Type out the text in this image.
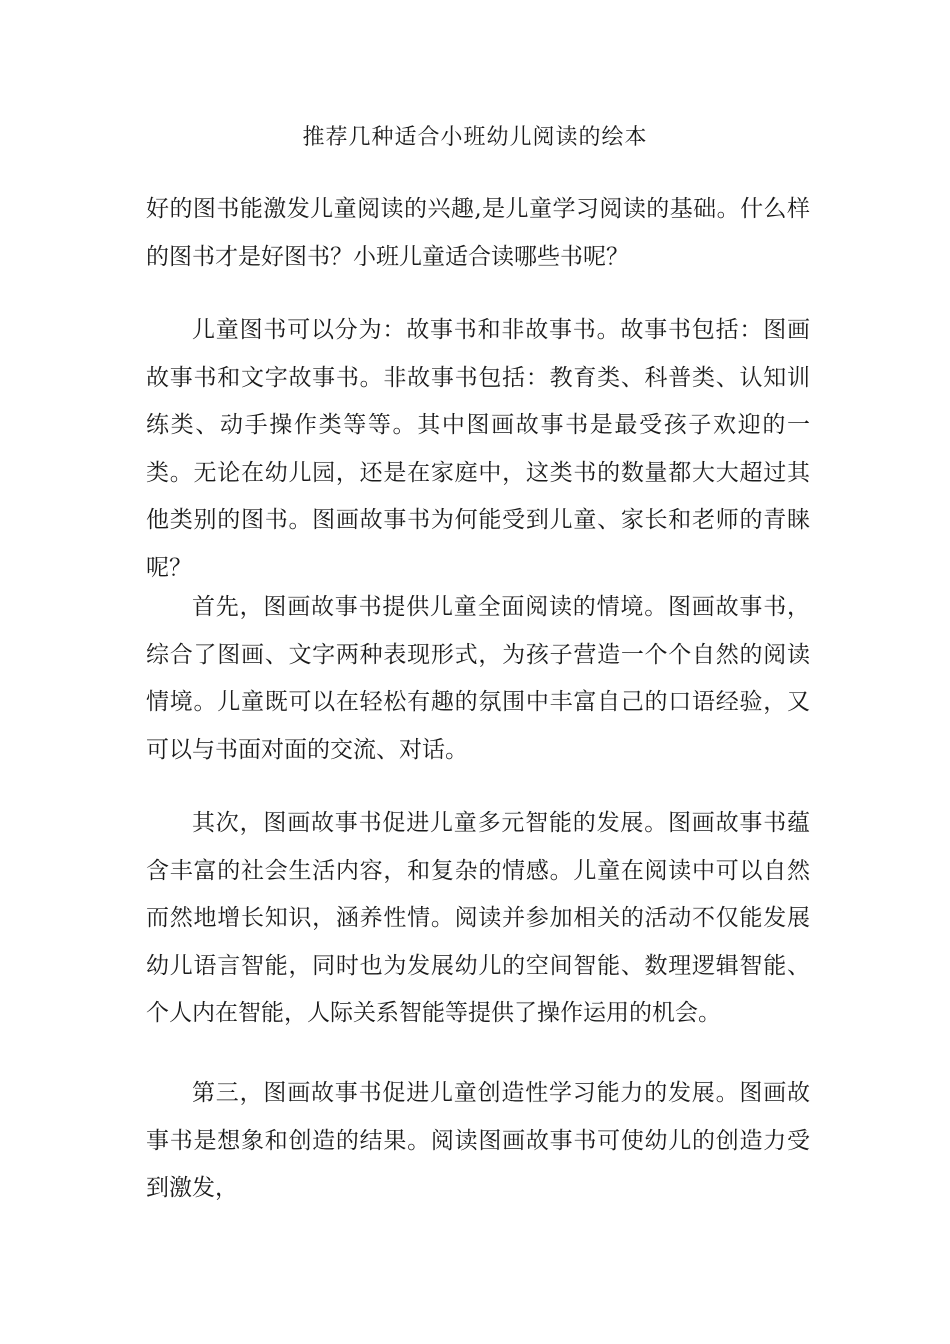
推荐几种适合小班幼儿阅读的绘本

好的图书能激发儿童阅读的兴趣,是儿童学习阅读的基础。什么样的图书才是好图书？小班儿童适合读哪些书呢？

儿童图书可以分为：故事书和非故事书。故事书包括：图画故事书和文字故事书。非故事书包括：教育类、科普类、认知训练类、动手操作类等等。其中图画故事书是最受孩子欢迎的一类。无论在幼儿园，还是在家庭中，这类书的数量都大大超过其他类别的图书。图画故事书为何能受到儿童、家长和老师的青睐呢？

首先，图画故事书提供儿童全面阅读的情境。图画故事书，综合了图画、文字两种表现形式，为孩子营造一个个自然的阅读情境。儿童既可以在轻松有趣的氛围中丰富自己的口语经验，又可以与书面对面的交流、对话。

其次，图画故事书促进儿童多元智能的发展。图画故事书蕴含丰富的社会生活内容，和复杂的情感。儿童在阅读中可以自然而然地增长知识，涵养性情。阅读并参加相关的活动不仅能发展幼儿语言智能，同时也为发展幼儿的空间智能、数理逻辑智能、个人内在智能，人际关系智能等提供了操作运用的机会。

第三，图画故事书促进儿童创造性学习能力的发展。图画故事书是想象和创造的结果。阅读图画故事书可使幼儿的创造力受到激发，
